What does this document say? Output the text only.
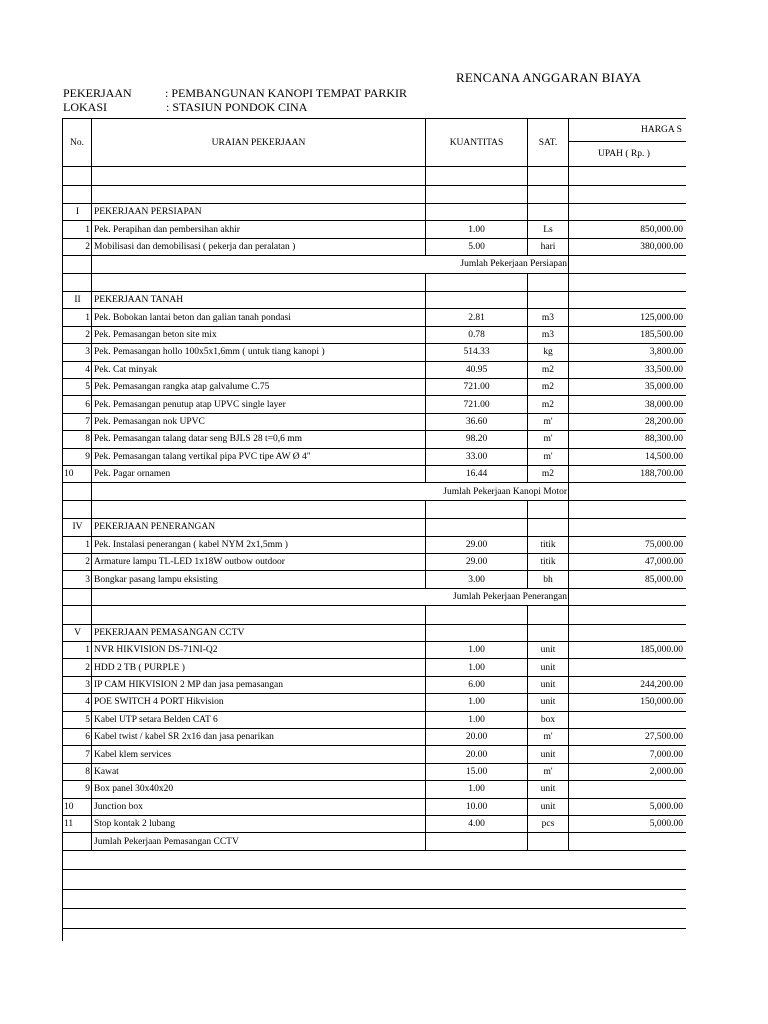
RENCANA ANGGARAN BIAYA
PEKERJAAN	: PEMBANGUNAN KANOPI TEMPAT PARKIR
LOKASI	: STASIUN PONDOK CINA
No.	URAIAN PEKERJAAN	KUANTITAS	SAT.	HARGA S	
				UPAH ( Rp. )	

I	PEKERJAAN PERSIAPAN				
1	Pek. Perapihan dan pembersihan akhir	1.00	Ls	850,000.00	
2	Mobilisasi dan demobilisasi ( pekerja dan peralatan )	5.00	hari	380,000.00	
	Jumlah Pekerjaan Persiapan				

II	PEKERJAAN TANAH				
1	Pek. Bobokan lantai beton dan galian tanah pondasi	2.81	m3	125,000.00	
2	Pek. Pemasangan beton site mix	0.78	m3	185,500.00	
3	Pek. Pemasangan hollo 100x5x1,6mm ( untuk tiang kanopi )	514.33	kg	3,800.00	
4	Pek. Cat minyak	40.95	m2	33,500.00	
5	Pek. Pemasangan rangka atap galvalume C.75	721.00	m2	35,000.00	
6	Pek. Pemasangan penutup atap UPVC single layer	721.00	m2	38,000.00	
7	Pek. Pemasangan nok UPVC	36.60	m'	28,200.00	
8	Pek. Pemasangan talang datar seng BJLS 28 t=0,6 mm	98.20	m'	88,300.00	
9	Pek. Pemasangan talang vertikal pipa PVC tipe AW Ø 4"	33.00	m'	14,500.00	
10	Pek. Pagar ornamen	16.44	m2	188,700.00	
	Jumlah Pekerjaan Kanopi Motor				

IV	PEKERJAAN PENERANGAN				
1	Pek. Instalasi penerangan ( kabel NYM 2x1,5mm )	29.00	titik	75,000.00	
2	Armature lampu TL-LED 1x18W outbow outdoor	29.00	titik	47,000.00	
3	Bongkar pasang lampu eksisting	3.00	bh	85,000.00	
	Jumlah Pekerjaan Penerangan				

V	PEKERJAAN PEMASANGAN CCTV				
1	NVR HIKVISION DS-71NI-Q2	1.00	unit	185,000.00	
2	HDD 2 TB ( PURPLE )	1.00	unit		
3	IP CAM HIKVISION 2 MP dan jasa pemasangan	6.00	unit	244,200.00	
4	POE SWITCH 4 PORT Hikvision	1.00	unit	150,000.00	
5	Kabel UTP setara Belden CAT 6	1.00	box		
6	Kabel twist / kabel SR 2x16 dan jasa penarikan	20.00	m'	27,500.00	
7	Kabel klem services	20.00	unit	7,000.00	
8	Kawat	15.00	m'	2,000.00	
9	Box panel 30x40x20	1.00	unit		
10	Junction box	10.00	unit	5,000.00	
11	Stop kontak 2 lubang	4.00	pcs	5,000.00	
	Jumlah Pekerjaan Pemasangan CCTV				
